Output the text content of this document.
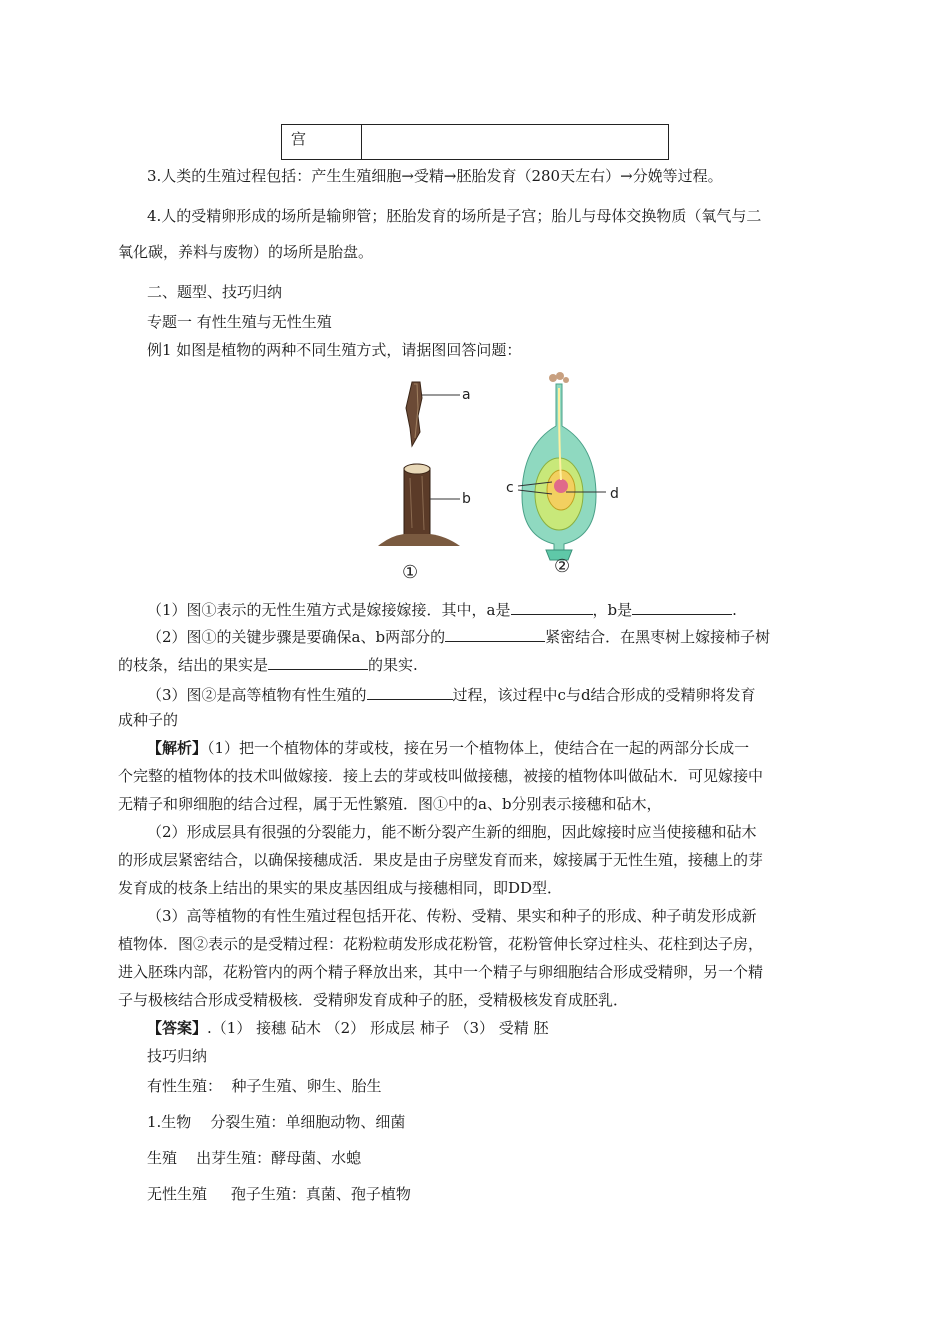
宫
3.人类的生殖过程包括：产生生殖细胞→受精→胚胎发育（280天左右）→分娩等过程。
4.人的受精卵形成的场所是输卵管；胚胎发育的场所是子宫；胎儿与母体交换物质（氧气与二
氧化碳，养料与废物）的场所是胎盘。
二、题型、技巧归纳
专题一 有性生殖与无性生殖
例1 如图是植物的两种不同生殖方式，请据图回答问题：
a
b
①
c	d
②
（1）图①表示的无性生殖方式是嫁接嫁接．其中，a是	，b是	.
（2）图①的关键步骤是要确保a、b两部分的	紧密结合．在黑枣树上嫁接柿子树
的枝条，结出的果实是	的果实.
（3）图②是高等植物有性生殖的	过程，该过程中c与d结合形成的受精卵将发育
成种子的
【解析】（1）把一个植物体的芽或枝，接在另一个植物体上，使结合在一起的两部分长成一
个完整的植物体的技术叫做嫁接．接上去的芽或枝叫做接穗，被接的植物体叫做砧木．可见嫁接中
无精子和卵细胞的结合过程，属于无性繁殖．图①中的a、b分别表示接穗和砧木，
（2）形成层具有很强的分裂能力，能不断分裂产生新的细胞，因此嫁接时应当使接穗和砧木
的形成层紧密结合，以确保接穗成活．果皮是由子房壁发育而来，嫁接属于无性生殖，接穗上的芽
发育成的枝条上结出的果实的果皮基因组成与接穗相同，即DD型．
（3）高等植物的有性生殖过程包括开花、传粉、受精、果实和种子的形成、种子萌发形成新
植物体．图②表示的是受精过程：花粉粒萌发形成花粉管，花粉管伸长穿过柱头、花柱到达子房，
进入胚珠内部，花粉管内的两个精子释放出来，其中一个精子与卵细胞结合形成受精卵，另一个精
子与极核结合形成受精极核．受精卵发育成种子的胚，受精极核发育成胚乳．
【答案】.（1） 接穗 砧木 （2） 形成层 柿子 （3） 受精 胚
技巧归纳
有性生殖：  种子生殖、卵生、胎生
1.生物    分裂生殖：单细胞动物、细菌
生殖    出芽生殖：酵母菌、水螅
无性生殖     孢子生殖：真菌、孢子植物
